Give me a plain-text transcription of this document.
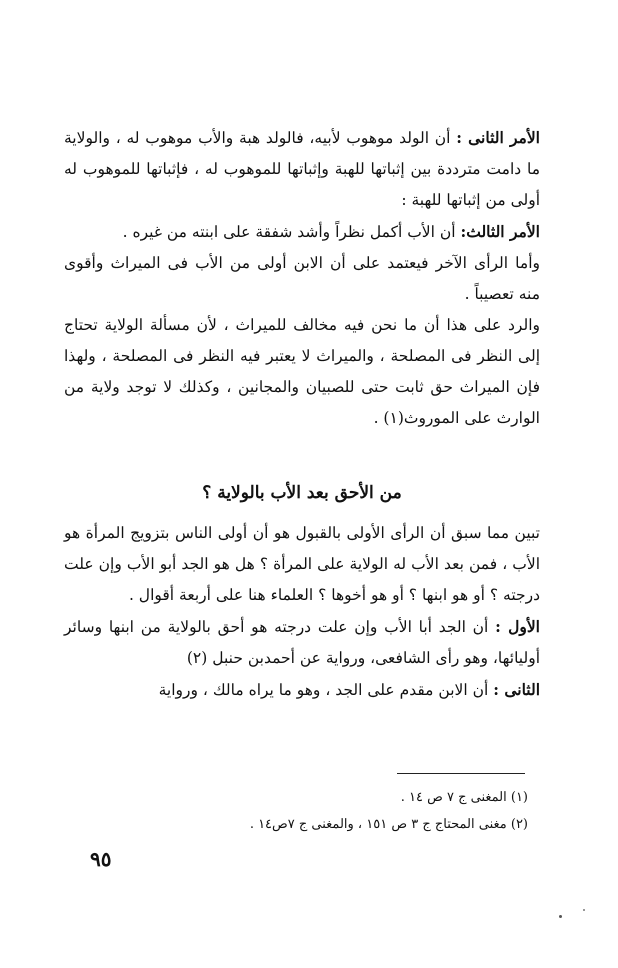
الأمر الثانى : أن الولد موهوب لأبيه، فالولد هبة والأب موهوب له ، والولاية ما دامت مترددة بين إثباتها للهبة وإثباتها للموهوب له ، فإثباتها للموهوب له أولى من إثباتها للهبة :

الأمر الثالث: أن الأب أكمل نظراً وأشد شفقة على ابنته من غيره .

وأما الرأى الآخر فيعتمد على أن الابن أولى من الأب فى الميراث وأقوى منه تعصيباً .

والرد على هذا أن ما نحن فيه مخالف للميراث ، لأن مسألة الولاية تحتاج إلى النظر فى المصلحة ، والميراث لا يعتبر فيه النظر فى المصلحة ، ولهذا فإن الميراث حق ثابت حتى للصبيان والمجانين ، وكذلك لا توجد ولاية من الوارث على الموروث(١) .

من الأحق بعد الأب بالولاية ؟

تبين مما سبق أن الرأى الأولى بالقبول هو أن أولى الناس بتزويج المرأة هو الأب ، فمن بعد الأب له الولاية على المرأة ؟ هل هو الجد أبو الأب وإن علت درجته ؟ أو هو ابنها ؟ أو هو أخوها ؟ العلماء هنا على أربعة أقوال .

الأول : أن الجد أبا الأب وإن علت درجته هو أحق بالولاية من ابنها وسائر أوليائها، وهو رأى الشافعى، ورواية عن أحمدبن حنبل (٢)

الثانى : أن الابن مقدم على الجد ، وهو ما يراه مالك ، ورواية

(١) المغنى ج ٧ ص ١٤ .

(٢) مغنى المحتاج ج ٣ ص ١٥١ ، والمغنى ج ٧ص١٤ .

٩٥
